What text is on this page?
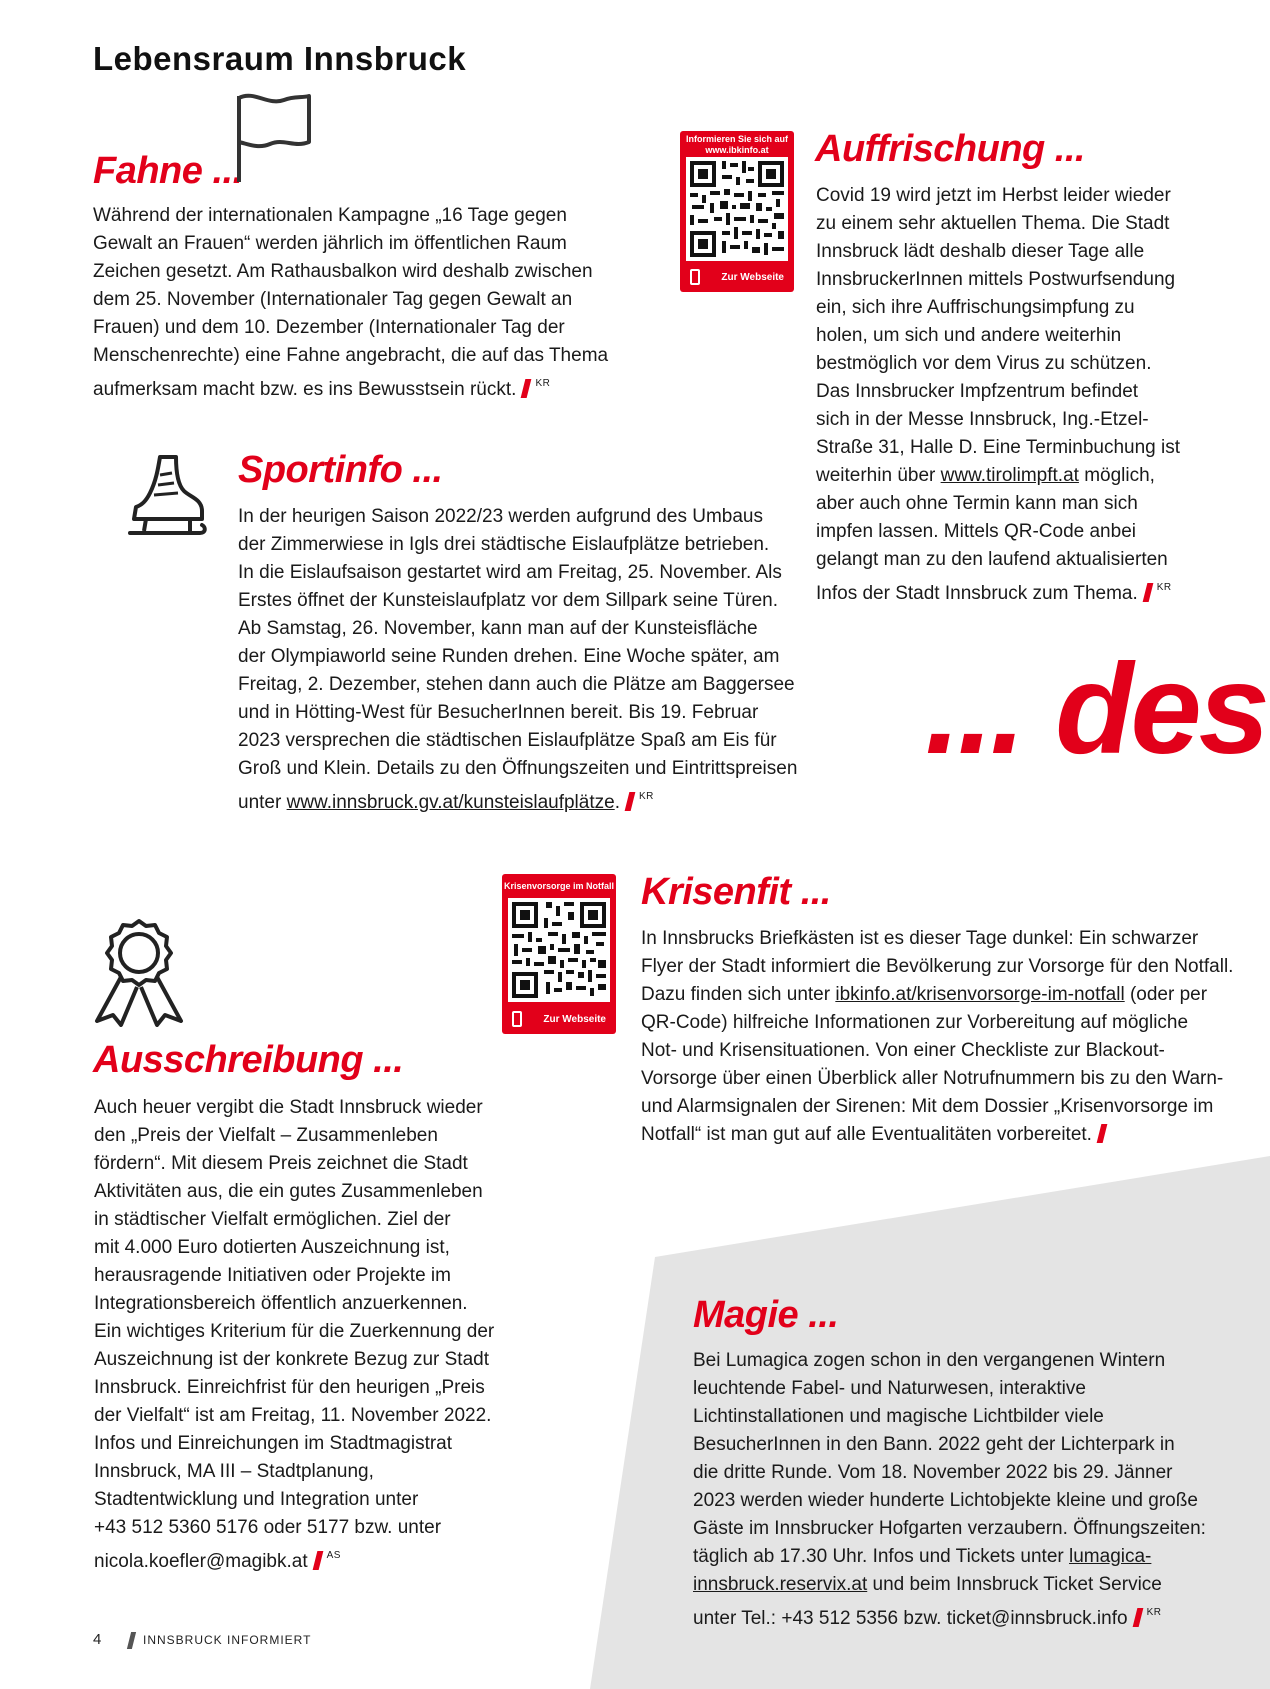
Lebensraum Innsbruck
Fahne ...
Während der internationalen Kampagne „16 Tage gegen
Gewalt an Frauen“ werden jährlich im öffentlichen Raum
Zeichen gesetzt. Am Rathausbalkon wird deshalb zwischen
dem 25. November (Internationaler Tag gegen Gewalt an
Frauen) und dem 10. Dezember (Internationaler Tag der
Menschenrechte) eine Fahne angebracht, die auf das Thema
aufmerksam macht bzw. es ins Bewusstsein rückt. $^{KR}$
Informieren Sie sich auf www.ibkinfo.at
Zur Webseite
Auffrischung ...
Covid 19 wird jetzt im Herbst leider wieder
zu einem sehr aktuellen Thema. Die Stadt
Innsbruck lädt deshalb dieser Tage alle
InnsbruckerInnen mittels Postwurfsendung
ein, sich ihre Auffrischungsimpfung zu
holen, um sich und andere weiterhin
bestmöglich vor dem Virus zu schützen.
Das Innsbrucker Impfzentrum befindet
sich in der Messe Innsbruck, Ing.-Etzel-
Straße 31, Halle D. Eine Terminbuchung ist
weiterhin über www.tirolimpft.at möglich,
aber auch ohne Termin kann man sich
impfen lassen. Mittels QR-Code anbei
gelangt man zu den laufend aktualisierten
Infos der Stadt Innsbruck zum Thema. $^{KR}$
Sportinfo ...
In der heurigen Saison 2022/23 werden aufgrund des Umbaus
der Zimmerwiese in Igls drei städtische Eislaufplätze betrieben.
In die Eislaufsaison gestartet wird am Freitag, 25. November. Als
Erstes öffnet der Kunsteislaufplatz vor dem Sillpark seine Türen.
Ab Samstag, 26. November, kann man auf der Kunsteisfläche
der Olympiaworld seine Runden drehen. Eine Woche später, am
Freitag, 2. Dezember, stehen dann auch die Plätze am Baggersee
und in Hötting-West für BesucherInnen bereit. Bis 19. Februar
2023 versprechen die städtischen Eislaufplätze Spaß am Eis für
Groß und Klein. Details zu den Öffnungszeiten und Eintrittspreisen
unter www.innsbruck.gv.at/kunsteislaufplätze. $^{KR}$
... des
Krisenvorsorge im Notfall
Zur Webseite
Krisenfit ...
In Innsbrucks Briefkästen ist es dieser Tage dunkel: Ein schwarzer
Flyer der Stadt informiert die Bevölkerung zur Vorsorge für den Notfall.
Dazu finden sich unter ibkinfo.at/krisenvorsorge-im-notfall (oder per
QR-Code) hilfreiche Informationen zur Vorbereitung auf mögliche
Not- und Krisensituationen. Von einer Checkliste zur Blackout-
Vorsorge über einen Überblick aller Notrufnummern bis zu den Warn-
und Alarmsignalen der Sirenen: Mit dem Dossier „Krisenvorsorge im
Notfall“ ist man gut auf alle Eventualitäten vorbereitet.
Ausschreibung ...
Auch heuer vergibt die Stadt Innsbruck wieder
den „Preis der Vielfalt – Zusammenleben
fördern“. Mit diesem Preis zeichnet die Stadt
Aktivitäten aus, die ein gutes Zusammenleben
in städtischer Vielfalt ermöglichen. Ziel der
mit 4.000 Euro dotierten Auszeichnung ist,
herausragende Initiativen oder Projekte im
Integrationsbereich öffentlich anzuerkennen.
Ein wichtiges Kriterium für die Zuerkennung der
Auszeichnung ist der konkrete Bezug zur Stadt
Innsbruck. Einreichfrist für den heurigen „Preis
der Vielfalt“ ist am Freitag, 11. November 2022.
Infos und Einreichungen im Stadtmagistrat
Innsbruck, MA III – Stadtplanung,
Stadtentwicklung und Integration unter
+43 512 5360 5176 oder 5177 bzw. unter
nicola.koefler@magibk.at $^{AS}$
Magie ...
Bei Lumagica zogen schon in den vergangenen Wintern
leuchtende Fabel- und Naturwesen, interaktive
Lichtinstallationen und magische Lichtbilder viele
BesucherInnen in den Bann. 2022 geht der Lichterpark in
die dritte Runde. Vom 18. November 2022 bis 29. Jänner
2023 werden wieder hunderte Lichtobjekte kleine und große
Gäste im Innsbrucker Hofgarten verzaubern. Öffnungszeiten:
täglich ab 17.30 Uhr. Infos und Tickets unter lumagica-
innsbruck.reservix.at und beim Innsbruck Ticket Service
unter Tel.: +43 512 5356 bzw. ticket@innsbruck.info $^{KR}$
4	INNSBRUCK INFORMIERT
